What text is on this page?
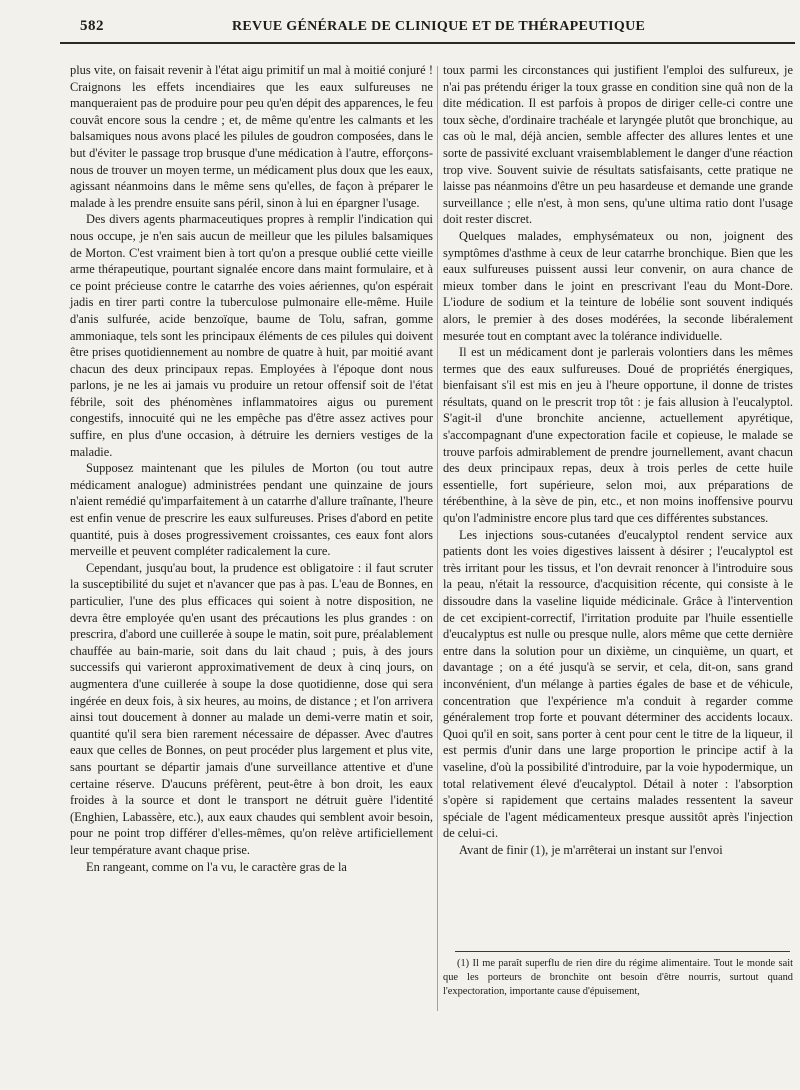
582	REVUE GÉNÉRALE DE CLINIQUE ET DE THÉRAPEUTIQUE

plus vite, on faisait revenir à l'état aigu primitif un mal à moitié conjuré ! Craignons les effets incendiaires que les eaux sulfureuses ne manqueraient pas de produire pour peu qu'en dépit des apparences, le feu couvât encore sous la cendre ; et, de même qu'entre les calmants et les balsamiques nous avons placé les pilules de goudron composées, dans le but d'éviter le passage trop brusque d'une médication à l'autre, efforçons-nous de trouver un moyen terme, un médicament plus doux que les eaux, agissant néanmoins dans le même sens qu'elles, de façon à préparer le malade à les prendre ensuite sans péril, sinon à lui en épargner l'usage.

Des divers agents pharmaceutiques propres à remplir l'indication qui nous occupe, je n'en sais aucun de meilleur que les pilules balsamiques de Morton. C'est vraiment bien à tort qu'on a presque oublié cette vieille arme thérapeutique, pourtant signalée encore dans maint formulaire, et à ce point précieuse contre le catarrhe des voies aériennes, qu'on espérait jadis en tirer parti contre la tuberculose pulmonaire elle-même. Huile d'anis sulfurée, acide benzoïque, baume de Tolu, safran, gomme ammoniaque, tels sont les principaux éléments de ces pilules qui doivent être prises quotidiennement au nombre de quatre à huit, par moitié avant chacun des deux principaux repas. Employées à l'époque dont nous parlons, je ne les ai jamais vu produire un retour offensif soit de l'état fébrile, soit des phénomènes inflammatoires aigus ou purement congestifs, innocuité qui ne les empêche pas d'être assez actives pour suffire, en plus d'une occasion, à détruire les derniers vestiges de la maladie.

Supposez maintenant que les pilules de Morton (ou tout autre médicament analogue) administrées pendant une quinzaine de jours n'aient remédié qu'imparfaitement à un catarrhe d'allure traînante, l'heure est enfin venue de prescrire les eaux sulfureuses. Prises d'abord en petite quantité, puis à doses progressivement croissantes, ces eaux font alors merveille et peuvent compléter radicalement la cure.

Cependant, jusqu'au bout, la prudence est obligatoire : il faut scruter la susceptibilité du sujet et n'avancer que pas à pas. L'eau de Bonnes, en particulier, l'une des plus efficaces qui soient à notre disposition, ne devra être employée qu'en usant des précautions les plus grandes : on prescrira, d'abord une cuillerée à soupe le matin, soit pure, préalablement chauffée au bain-marie, soit dans du lait chaud ; puis, à des jours successifs qui varieront approximativement de deux à cinq jours, on augmentera d'une cuillerée à soupe la dose quotidienne, dose qui sera ingérée en deux fois, à six heures, au moins, de distance ; et l'on arrivera ainsi tout doucement à donner au malade un demi-verre matin et soir, quantité qu'il sera bien rarement nécessaire de dépasser. Avec d'autres eaux que celles de Bonnes, on peut procéder plus largement et plus vite, sans pourtant se départir jamais d'une surveillance attentive et d'une certaine réserve. D'aucuns préfèrent, peut-être à bon droit, les eaux froides à la source et dont le transport ne détruit guère l'identité (Enghien, Labassère, etc.), aux eaux chaudes qui semblent avoir besoin, pour ne point trop différer d'elles-mêmes, qu'on relève artificiellement leur température avant chaque prise.

En rangeant, comme on l'a vu, le caractère gras de la

toux parmi les circonstances qui justifient l'emploi des sulfureux, je n'ai pas prétendu ériger la toux grasse en condition sine quâ non de la dite médication. Il est parfois à propos de diriger celle-ci contre une toux sèche, d'ordinaire trachéale et laryngée plutôt que bronchique, au cas où le mal, déjà ancien, semble affecter des allures lentes et une sorte de passivité excluant vraisemblablement le danger d'une réaction trop vive. Souvent suivie de résultats satisfaisants, cette pratique ne laisse pas néanmoins d'être un peu hasardeuse et demande une grande surveillance ; elle n'est, à mon sens, qu'une ultima ratio dont l'usage doit rester discret.

Quelques malades, emphysémateux ou non, joignent des symptômes d'asthme à ceux de leur catarrhe bronchique. Bien que les eaux sulfureuses puissent aussi leur convenir, on aura chance de mieux tomber dans le joint en prescrivant l'eau du Mont-Dore. L'iodure de sodium et la teinture de lobélie sont souvent indiqués alors, le premier à des doses modérées, la seconde libéralement mesurée tout en comptant avec la tolérance individuelle.

Il est un médicament dont je parlerais volontiers dans les mêmes termes que des eaux sulfureuses. Doué de propriétés énergiques, bienfaisant s'il est mis en jeu à l'heure opportune, il donne de tristes résultats, quand on le prescrit trop tôt : je fais allusion à l'eucalyptol. S'agit-il d'une bronchite ancienne, actuellement apyrétique, s'accompagnant d'une expectoration facile et copieuse, le malade se trouve parfois admirablement de prendre journellement, avant chacun des deux principaux repas, deux à trois perles de cette huile essentielle, fort supérieure, selon moi, aux préparations de térébenthine, à la sève de pin, etc., et non moins inoffensive pourvu qu'on l'administre encore plus tard que ces différentes substances.

Les injections sous-cutanées d'eucalyptol rendent service aux patients dont les voies digestives laissent à désirer ; l'eucalyptol est très irritant pour les tissus, et l'on devrait renoncer à l'introduire sous la peau, n'était la ressource, d'acquisition récente, qui consiste à le dissoudre dans la vaseline liquide médicinale. Grâce à l'intervention de cet excipient-correctif, l'irritation produite par l'huile essentielle d'eucalyptus est nulle ou presque nulle, alors même que cette dernière entre dans la solution pour un dixième, un cinquième, un quart, et davantage ; on a été jusqu'à se servir, et cela, dit-on, sans grand inconvénient, d'un mélange à parties égales de base et de véhicule, concentration que l'expérience m'a conduit à regarder comme généralement trop forte et pouvant déterminer des accidents locaux. Quoi qu'il en soit, sans porter à cent pour cent le titre de la liqueur, il est permis d'unir dans une large proportion le principe actif à la vaseline, d'où la possibilité d'introduire, par la voie hypodermique, un total relativement élevé d'eucalyptol. Détail à noter : l'absorption s'opère si rapidement que certains malades ressentent la saveur spéciale de l'agent médicamenteux presque aussitôt après l'injection de celui-ci.

Avant de finir (1), je m'arrêterai un instant sur l'envoi

(1) Il me paraît superflu de rien dire du régime alimentaire. Tout le monde sait que les porteurs de bronchite ont besoin d'être nourris, surtout quand l'expectoration, importante cause d'épuisement,
